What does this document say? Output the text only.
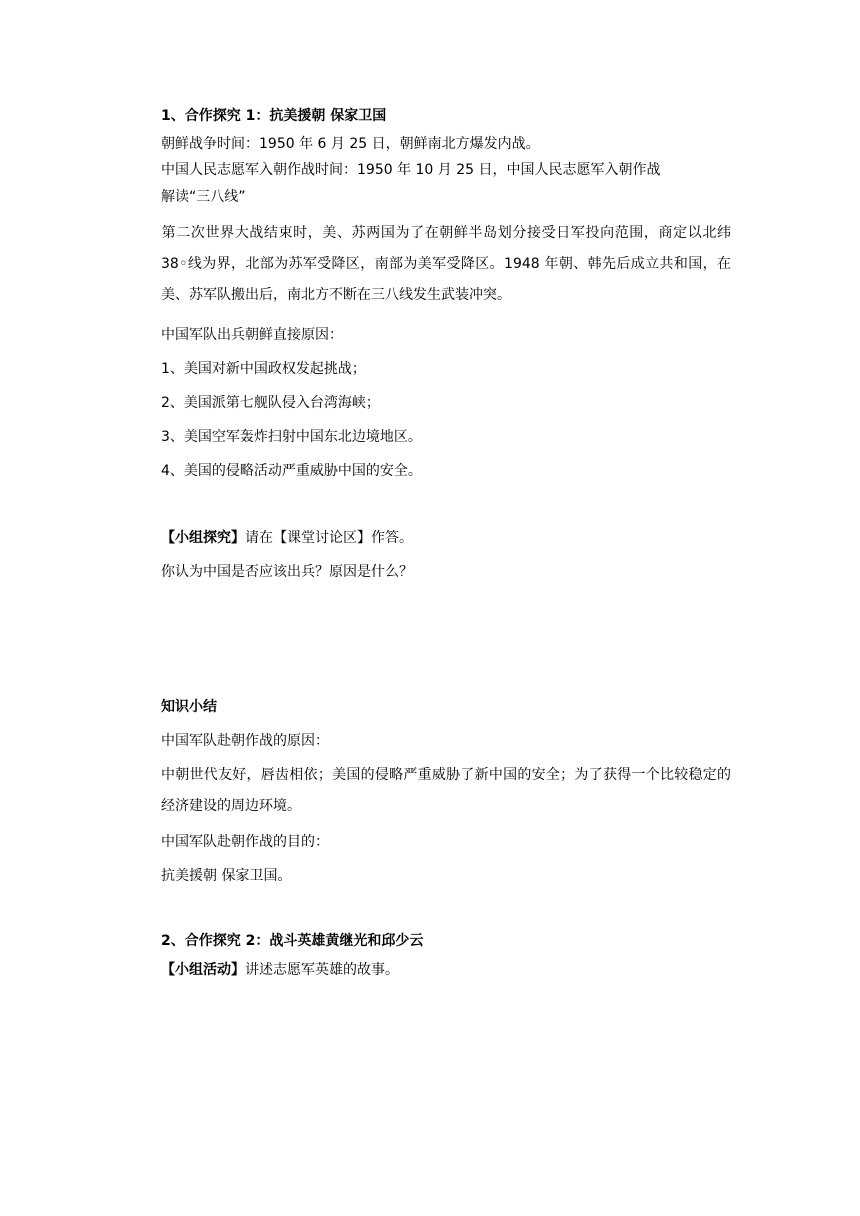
1、合作探究 1：抗美援朝 保家卫国
朝鲜战争时间：1950 年 6 月 25 日，朝鲜南北方爆发内战。
中国人民志愿军入朝作战时间：1950 年 10 月 25 日，中国人民志愿军入朝作战
解读“三八线”
第二次世界大战结束时，美、苏两国为了在朝鲜半岛划分接受日军投向范围，商定以北纬 38◦线为界，北部为苏军受降区，南部为美军受降区。1948 年朝、韩先后成立共和国，在美、苏军队搬出后，南北方不断在三八线发生武装冲突。
中国军队出兵朝鲜直接原因：
1、美国对新中国政权发起挑战；
2、美国派第七舰队侵入台湾海峡；
3、美国空军轰炸扫射中国东北边境地区。
4、美国的侵略活动严重威胁中国的安全。
【小组探究】请在【课堂讨论区】作答。
你认为中国是否应该出兵？原因是什么？
知识小结
中国军队赴朝作战的原因：
中朝世代友好，唇齿相依；美国的侵略严重威胁了新中国的安全；为了获得一个比较稳定的经济建设的周边环境。
中国军队赴朝作战的目的：
抗美援朝 保家卫国。
2、合作探究 2：战斗英雄黄继光和邱少云
【小组活动】讲述志愿军英雄的故事。
